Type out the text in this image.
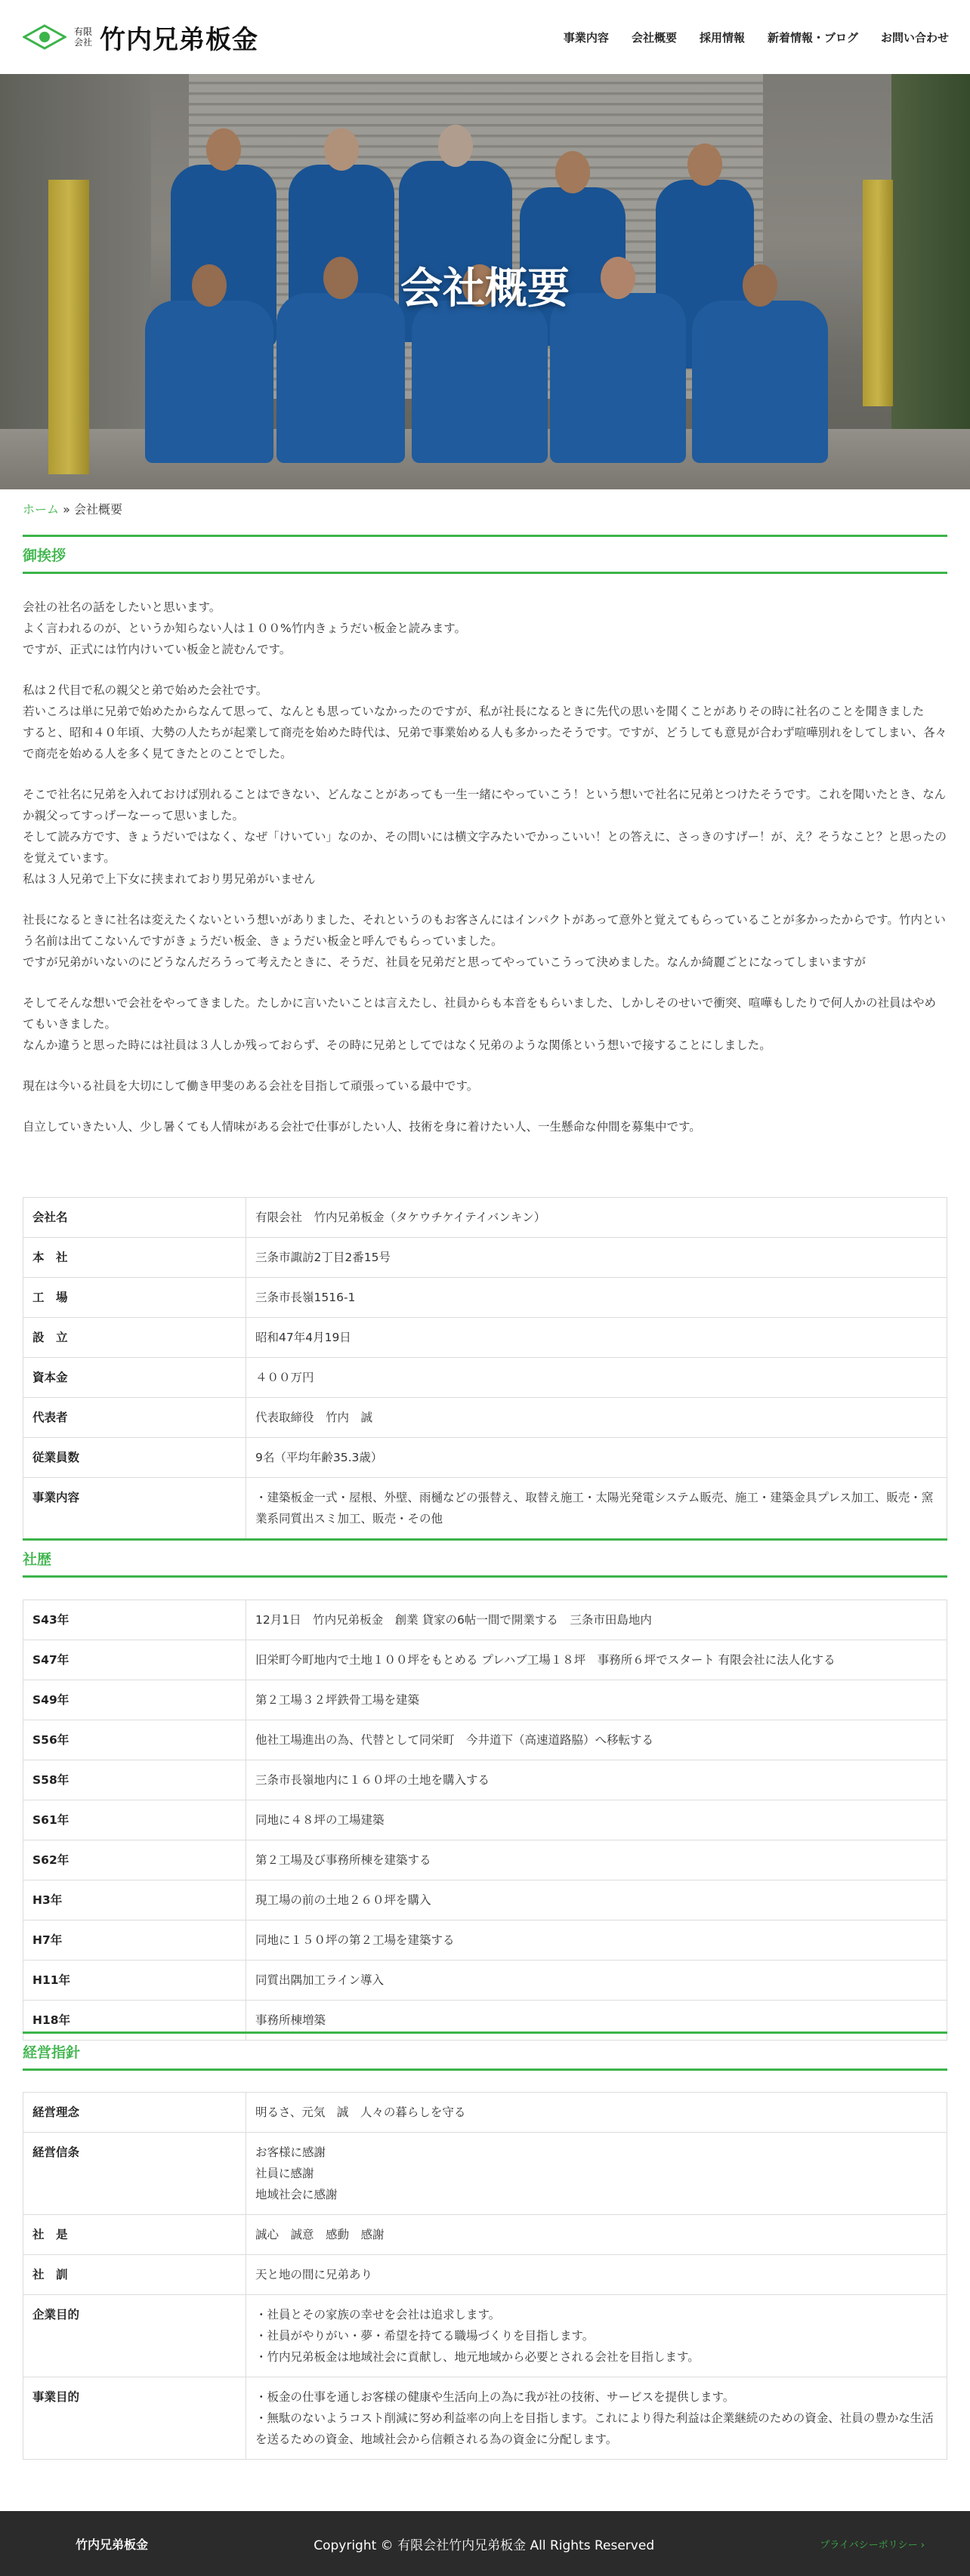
有限
会社 竹内兄弟板金	事業内容 会社概要 採用情報 新着情報・ブログ お問い合わせ
会社概要
ホーム » 会社概要
御挨拶

会社の社名の話をしたいと思います。
よく言われるのが、というか知らない人は１００%竹内きょうだい板金と読みます。
ですが、正式には竹内けいてい板金と読むんです。

私は２代目で私の親父と弟で始めた会社です。
若いころは単に兄弟で始めたからなんて思って、なんとも思っていなかったのですが、私が社長になるときに先代の思いを聞くことがありその時に社名のことを聞きました
すると、昭和４０年頃、大勢の人たちが起業して商売を始めた時代は、兄弟で事業始める人も多かったそうです。ですが、どうしても意見が合わず喧嘩別れをしてしまい、各々で商売を始める人を多く見てきたとのことでした。

そこで社名に兄弟を入れておけば別れることはできない、どんなことがあっても一生一緒にやっていこう！という想いで社名に兄弟とつけたそうです。これを聞いたとき、なんか親父ってすっげーなーって思いました。
そして読み方です、きょうだいではなく、なぜ「けいてい」なのか、その問いには横文字みたいでかっこいい！との答えに、さっきのすげー！が、え？そうなこと？と思ったのを覚えています。
私は３人兄弟で上下女に挟まれており男兄弟がいません

社長になるときに社名は変えたくないという想いがありました、それというのもお客さんにはインパクトがあって意外と覚えてもらっていることが多かったからです。竹内という名前は出てこないんですがきょうだい板金、きょうだい板金と呼んでもらっていました。
ですが兄弟がいないのにどうなんだろうって考えたときに、そうだ、社員を兄弟だと思ってやっていこうって決めました。なんか綺麗ごとになってしまいますが

そしてそんな想いで会社をやってきました。たしかに言いたいことは言えたし、社員からも本音をもらいました、しかしそのせいで衝突、喧嘩もしたりで何人かの社員はやめてもいきました。
なんか違うと思った時には社員は３人しか残っておらず、その時に兄弟としてではなく兄弟のような関係という想いで接することにしました。

現在は今いる社員を大切にして働き甲斐のある会社を目指して頑張っている最中です。

自立していきたい人、少し暑くても人情味がある会社で仕事がしたい人、技術を身に着けたい人、一生懸命な仲間を募集中です。

会社名	有限会社　竹内兄弟板金（タケウチケイテイバンキン）
本　社	三条市諏訪2丁目2番15号
工　場	三条市長嶺1516-1
設　立	昭和47年4月19日
資本金	４００万円
代表者	代表取締役　竹内　誠
従業員数	9名（平均年齢35.3歳）
事業内容	・建築板金一式・屋根、外壁、雨樋などの張替え、取替え施工・太陽光発電システム販売、施工・建築金具プレス加工、販売・窯業系同質出スミ加工、販売・その他
社歴
S43年	12月1日　竹内兄弟板金　創業 貸家の6帖一間で開業する　三条市田島地内
S47年	旧栄町今町地内で土地１００坪をもとめる プレハブ工場１８坪　事務所６坪でスタート 有限会社に法人化する
S49年	第２工場３２坪鉄骨工場を建築
S56年	他社工場進出の為、代替として同栄町　今井道下（高速道路脇）へ移転する
S58年	三条市長嶺地内に１６０坪の土地を購入する
S61年	同地に４８坪の工場建築
S62年	第２工場及び事務所棟を建築する
H3年	現工場の前の土地２６０坪を購入
H7年	同地に１５０坪の第２工場を建築する
H11年	同質出隅加工ライン導入
H18年	事務所棟増築
経営指針
経営理念	明るさ、元気　誠　人々の暮らしを守る
経営信条	お客様に感謝
社員に感謝
地域社会に感謝
社　是	誠心　誠意　感動　感謝
社　訓	天と地の間に兄弟あり
企業目的	・社員とその家族の幸せを会社は追求します。
・社員がやりがい・夢・希望を持てる職場づくりを目指します。
・竹内兄弟板金は地域社会に貢献し、地元地域から必要とされる会社を目指します。
事業目的	・板金の仕事を通しお客様の健康や生活向上の為に我が社の技術、サービスを提供します。
・無駄のないようコスト削減に努め利益率の向上を目指します。これにより得た利益は企業継続のための資金、社員の豊かな生活を送るための資金、地域社会から信頼される為の資金に分配します。
竹内兄弟板金	Copyright © 有限会社竹内兄弟板金 All Rights Reserved	プライバシーポリシー ›
